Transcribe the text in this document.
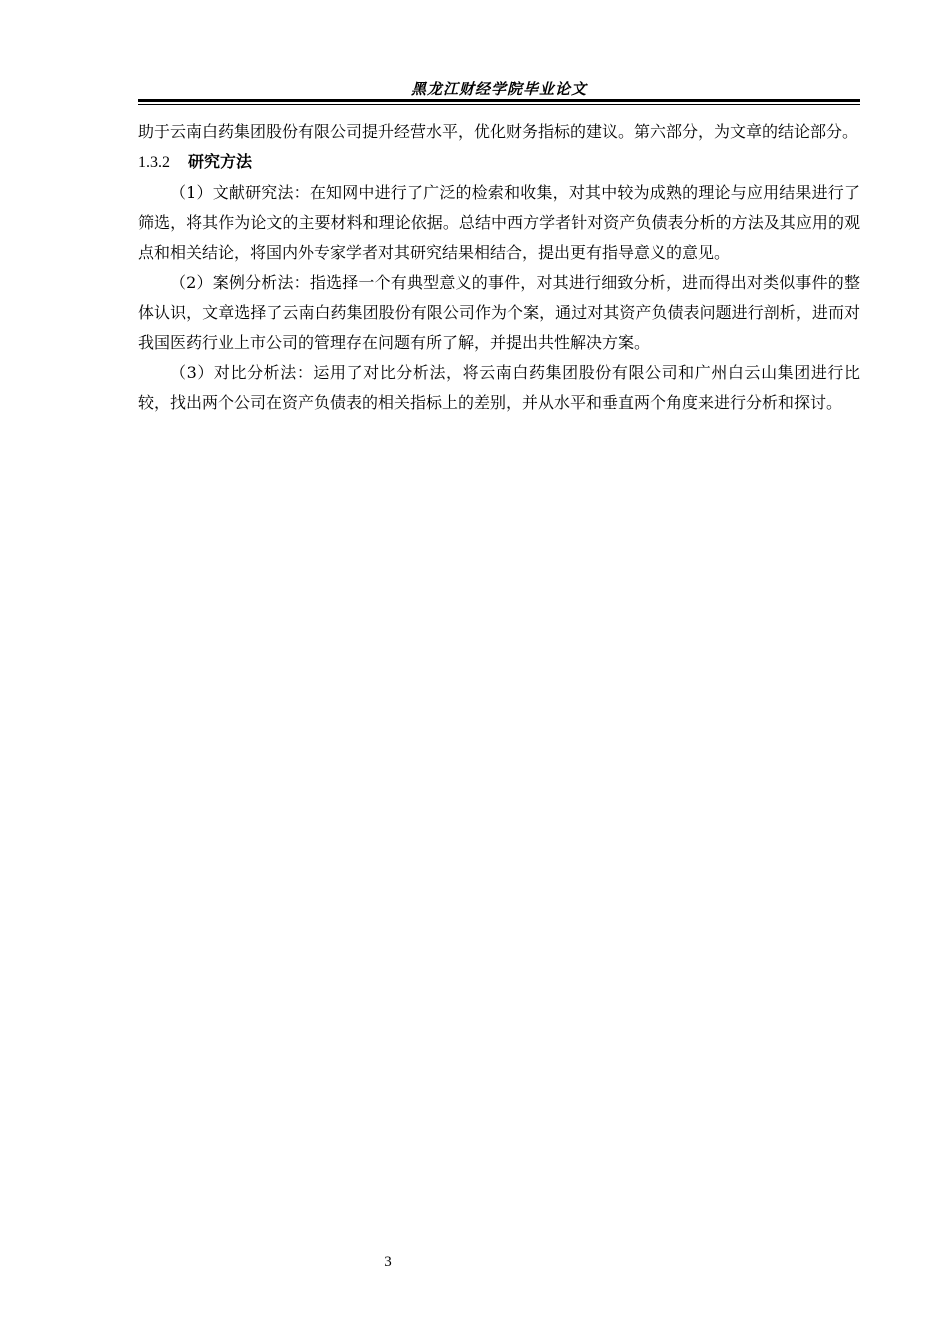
黑龙江财经学院毕业论文

助于云南白药集团股份有限公司提升经营水平，优化财务指标的建议。第六部分，为文章的结论部分。

1.3.2 研究方法

（1）文献研究法：在知网中进行了广泛的检索和收集，对其中较为成熟的理论与应用结果进行了筛选，将其作为论文的主要材料和理论依据。总结中西方学者针对资产负债表分析的方法及其应用的观点和相关结论，将国内外专家学者对其研究结果相结合，提出更有指导意义的意见。

（2）案例分析法：指选择一个有典型意义的事件，对其进行细致分析，进而得出对类似事件的整体认识，文章选择了云南白药集团股份有限公司作为个案，通过对其资产负债表问题进行剖析，进而对我国医药行业上市公司的管理存在问题有所了解，并提出共性解决方案。

（3）对比分析法：运用了对比分析法，将云南白药集团股份有限公司和广州白云山集团进行比较，找出两个公司在资产负债表的相关指标上的差别，并从水平和垂直两个角度来进行分析和探讨。

3
